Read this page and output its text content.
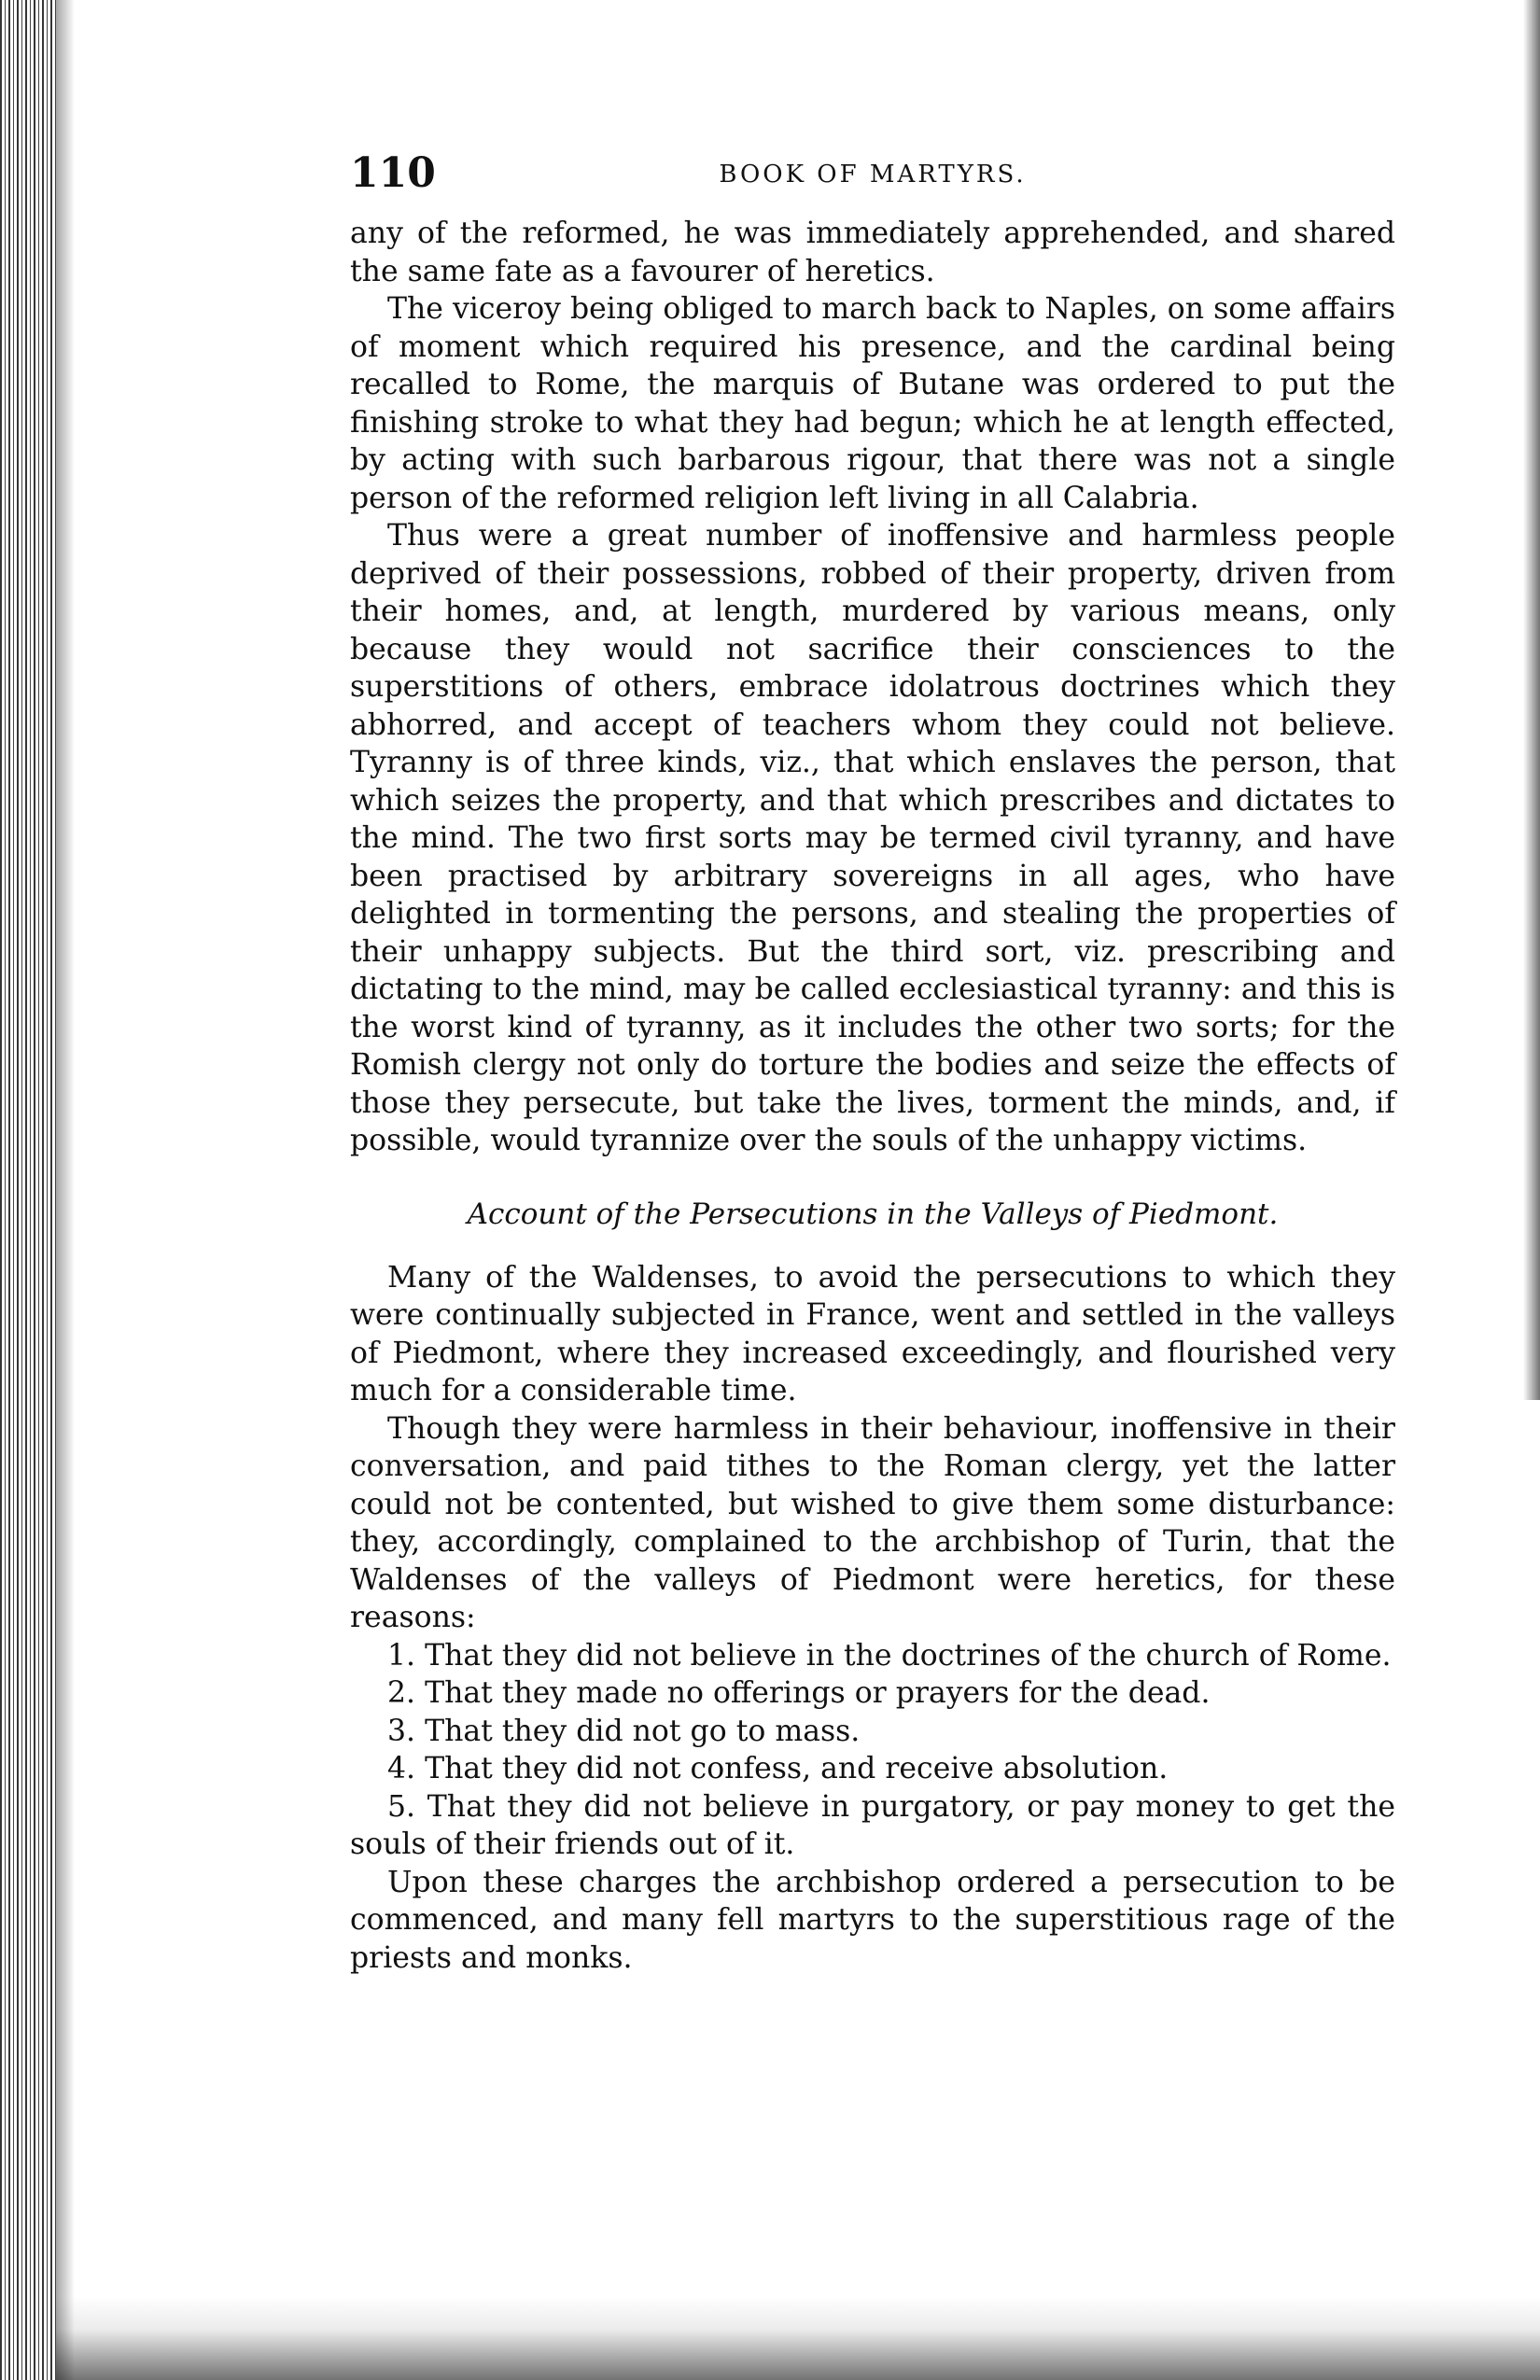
110	BOOK OF MARTYRS.

any of the reformed, he was immediately apprehended, and shared the same fate as a favourer of heretics.

The viceroy being obliged to march back to Naples, on some affairs of moment which required his presence, and the cardinal being recalled to Rome, the marquis of Butane was ordered to put the finishing stroke to what they had begun; which he at length effected, by acting with such barbarous rigour, that there was not a single person of the reformed religion left living in all Calabria.

Thus were a great number of inoffensive and harmless people deprived of their possessions, robbed of their property, driven from their homes, and, at length, murdered by various means, only because they would not sacrifice their consciences to the superstitions of others, embrace idolatrous doctrines which they abhorred, and accept of teachers whom they could not believe. Tyranny is of three kinds, viz., that which enslaves the person, that which seizes the property, and that which prescribes and dictates to the mind. The two first sorts may be termed civil tyranny, and have been practised by arbitrary sovereigns in all ages, who have delighted in tormenting the persons, and stealing the properties of their unhappy subjects. But the third sort, viz. prescribing and dictating to the mind, may be called ecclesiastical tyranny: and this is the worst kind of tyranny, as it includes the other two sorts; for the Romish clergy not only do torture the bodies and seize the effects of those they persecute, but take the lives, torment the minds, and, if possible, would tyrannize over the souls of the unhappy victims.

Account of the Persecutions in the Valleys of Piedmont.

Many of the Waldenses, to avoid the persecutions to which they were continually subjected in France, went and settled in the valleys of Piedmont, where they increased exceedingly, and flourished very much for a considerable time.

Though they were harmless in their behaviour, inoffensive in their conversation, and paid tithes to the Roman clergy, yet the latter could not be contented, but wished to give them some disturbance: they, accordingly, complained to the archbishop of Turin, that the Waldenses of the valleys of Piedmont were heretics, for these reasons:

1. That they did not believe in the doctrines of the church of Rome.

2. That they made no offerings or prayers for the dead.

3. That they did not go to mass.

4. That they did not confess, and receive absolution.

5. That they did not believe in purgatory, or pay money to get the souls of their friends out of it.

Upon these charges the archbishop ordered a persecution to be commenced, and many fell martyrs to the superstitious rage of the priests and monks.
